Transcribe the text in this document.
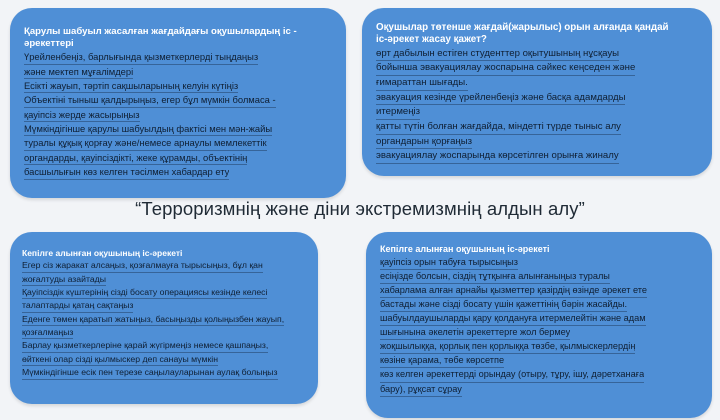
Қарулы шабуыл жасалған жағдайдағы оқушылардың іс -
әрекеттері
Үрейленбеңіз, барлығында қызметкерлерді тыңдаңыз
және мектеп мұғалімдері
Есікті жауып, тәртіп сақшыларының келуін күтіңіз
Объектіні тыныш қалдырыңыз, егер бұл мүмкін болмаса -
қауіпсіз жерде жасырыңыз
Мүмкіндігінше қарулы шабуылдың фактісі мен мән-жайы
туралы құқық қорғау және/немесе арнаулы мемлекеттік
органдарды, қауіпсіздікті, жеке құрамды, объектінің
басшылығын көз келген тәсілмен хабардар ету
Оқушылар төтенше жағдай(жарылыс) орын алғанда қандай
іс-әрекет жасау қажет?
өрт дабылын естіген студенттер оқытушының нұсқауы
бойынша эвакуациялау жоспарына сәйкес кеңседен және
ғимараттан шығады.
эвакуация кезінде үрейленбеңіз және басқа адамдарды
итермеңіз
қатты түтін болған жағдайда, міндетті түрде тыныс алу
органдарын қорғаңыз
эвакуациялау жоспарында көрсетілген орынға жиналу
“Терроризмнің және діни экстремизмнің алдын алу”
Кепілге алынған оқушының іс-әрекеті
Егер сіз жаракат алсаңыз, қозғалмауға тырысыңыз, бұл қан
жоғалтуды азайтады
Қауіпсіздік күштерінің сізді босату операциясы кезінде келесі
талаптарды қатаң сақтаңыз
Еденге төмен қаратып жатыңыз, басыңызды қолыңызбен жауып,
қозғалмаңыз
Барлау қызметкерлеріне қарай жүгірмеңіз немесе қашпаңыз,
өйткені олар сізді қылмыскер деп санауы мүмкін
Мүмкіндігінше есік пен терезе саңылауларынан аулақ болыңыз
Кепілге алынған оқушының іс-әрекеті
қауіпсіз орын табуға тырысыңыз
есіңізде болсын, сіздің тұтқынға алынғаныңыз туралы
хабарлама алған арнайы қызметтер қазірдің өзінде әрекет ете
бастады және сізді босату үшін қажеттінің бәрін жасайды.
шабуылдаушыларды қару қолдануға итермелейтін және адам
шығынына әкелетін әрекеттерге жол бермеу
жоқшылыққа, қорлық пен қорлыққа төзбе, қылмыскерлердің
көзіне қарама, төбе көрсетпе
көз келген әрекеттерді орындау (отыру, тұру, ішу, дәретханаға
бару), рұқсат сұрау
